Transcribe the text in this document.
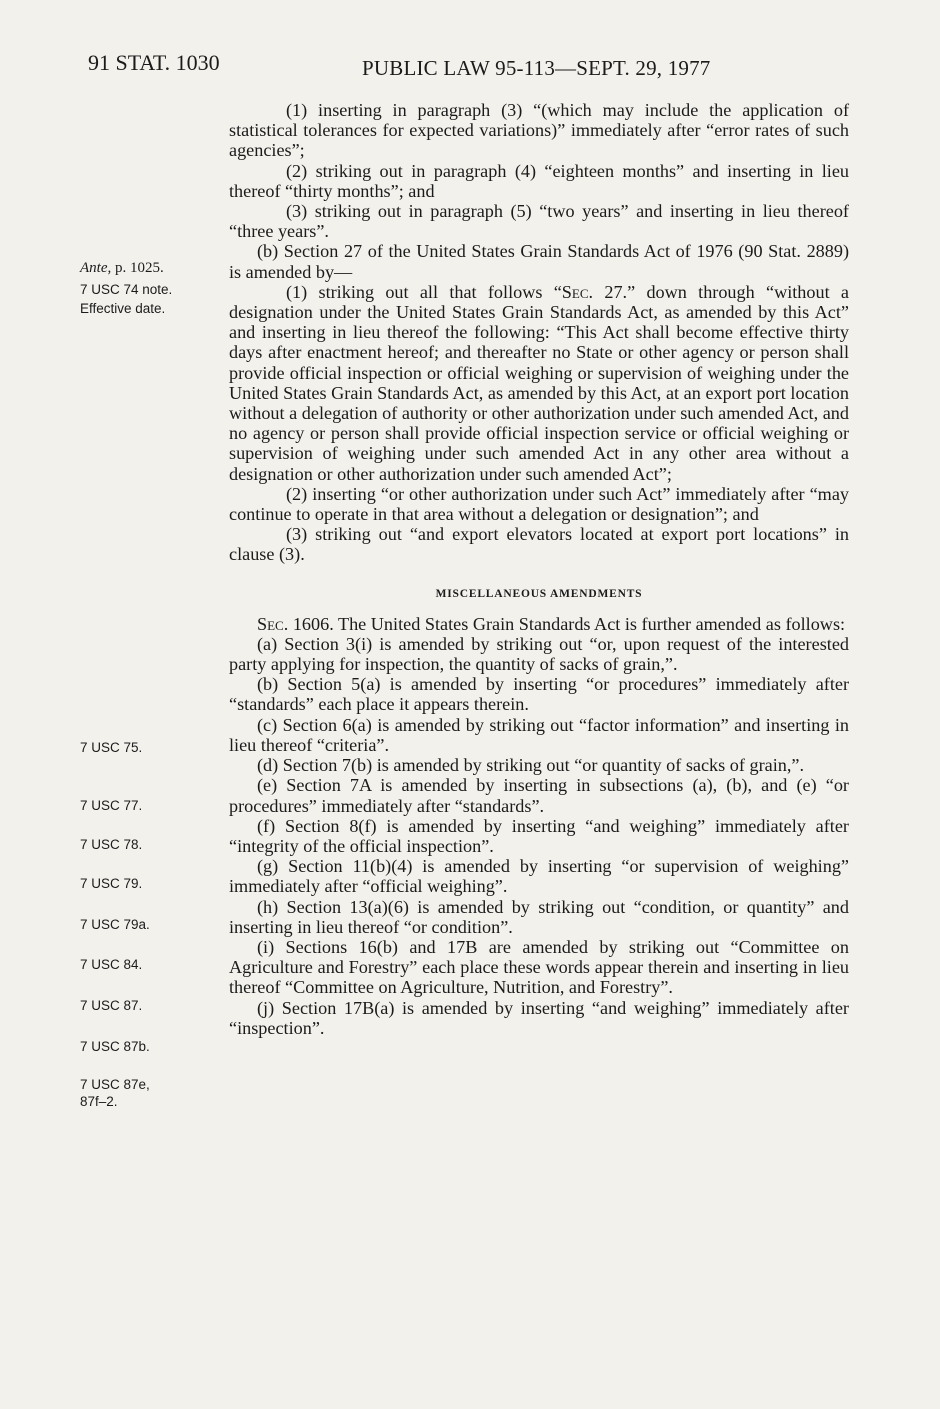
91 STAT. 1030	PUBLIC LAW 95-113—SEPT. 29, 1977
Ante, p. 1025.
7 USC 74 note.
Effective date.
7 USC 75.
7 USC 77.
7 USC 78.
7 USC 79.
7 USC 79a.
7 USC 84.
7 USC 87.
7 USC 87b.
7 USC 87e,
87f–2.

(1) inserting in paragraph (3) “(which may include the application of statistical tolerances for expected variations)” immediately after “error rates of such agencies”;

(2) striking out in paragraph (4) “eighteen months” and inserting in lieu thereof “thirty months”; and

(3) striking out in paragraph (5) “two years” and inserting in lieu thereof “three years”.

(b) Section 27 of the United States Grain Standards Act of 1976 (90 Stat. 2889) is amended by—

(1) striking out all that follows “Sec. 27.” down through “without a designation under the United States Grain Standards Act, as amended by this Act” and inserting in lieu thereof the following: “This Act shall become effective thirty days after enactment hereof; and thereafter no State or other agency or person shall provide official inspection or official weighing or supervision of weighing under the United States Grain Standards Act, as amended by this Act, at an export port location without a delegation of authority or other authorization under such amended Act, and no agency or person shall provide official inspection service or official weighing or supervision of weighing under such amended Act in any other area without a designation or other authorization under such amended Act”;

(2) inserting “or other authorization under such Act” immediately after “may continue to operate in that area without a delegation or designation”; and

(3) striking out “and export elevators located at export port locations” in clause (3).

MISCELLANEOUS AMENDMENTS

Sec. 1606. The United States Grain Standards Act is further amended as follows:

(a) Section 3(i) is amended by striking out “or, upon request of the interested party applying for inspection, the quantity of sacks of grain,”.

(b) Section 5(a) is amended by inserting “or procedures” immediately after “standards” each place it appears therein.

(c) Section 6(a) is amended by striking out “factor information” and inserting in lieu thereof “criteria”.

(d) Section 7(b) is amended by striking out “or quantity of sacks of grain,”.

(e) Section 7A is amended by inserting in subsections (a), (b), and (e) “or procedures” immediately after “standards”.

(f) Section 8(f) is amended by inserting “and weighing” immediately after “integrity of the official inspection”.

(g) Section 11(b)(4) is amended by inserting “or supervision of weighing” immediately after “official weighing”.

(h) Section 13(a)(6) is amended by striking out “condition, or quantity” and inserting in lieu thereof “or condition”.

(i) Sections 16(b) and 17B are amended by striking out “Committee on Agriculture and Forestry” each place these words appear therein and inserting in lieu thereof “Committee on Agriculture, Nutrition, and Forestry”.

(j) Section 17B(a) is amended by inserting “and weighing” immediately after “inspection”.
